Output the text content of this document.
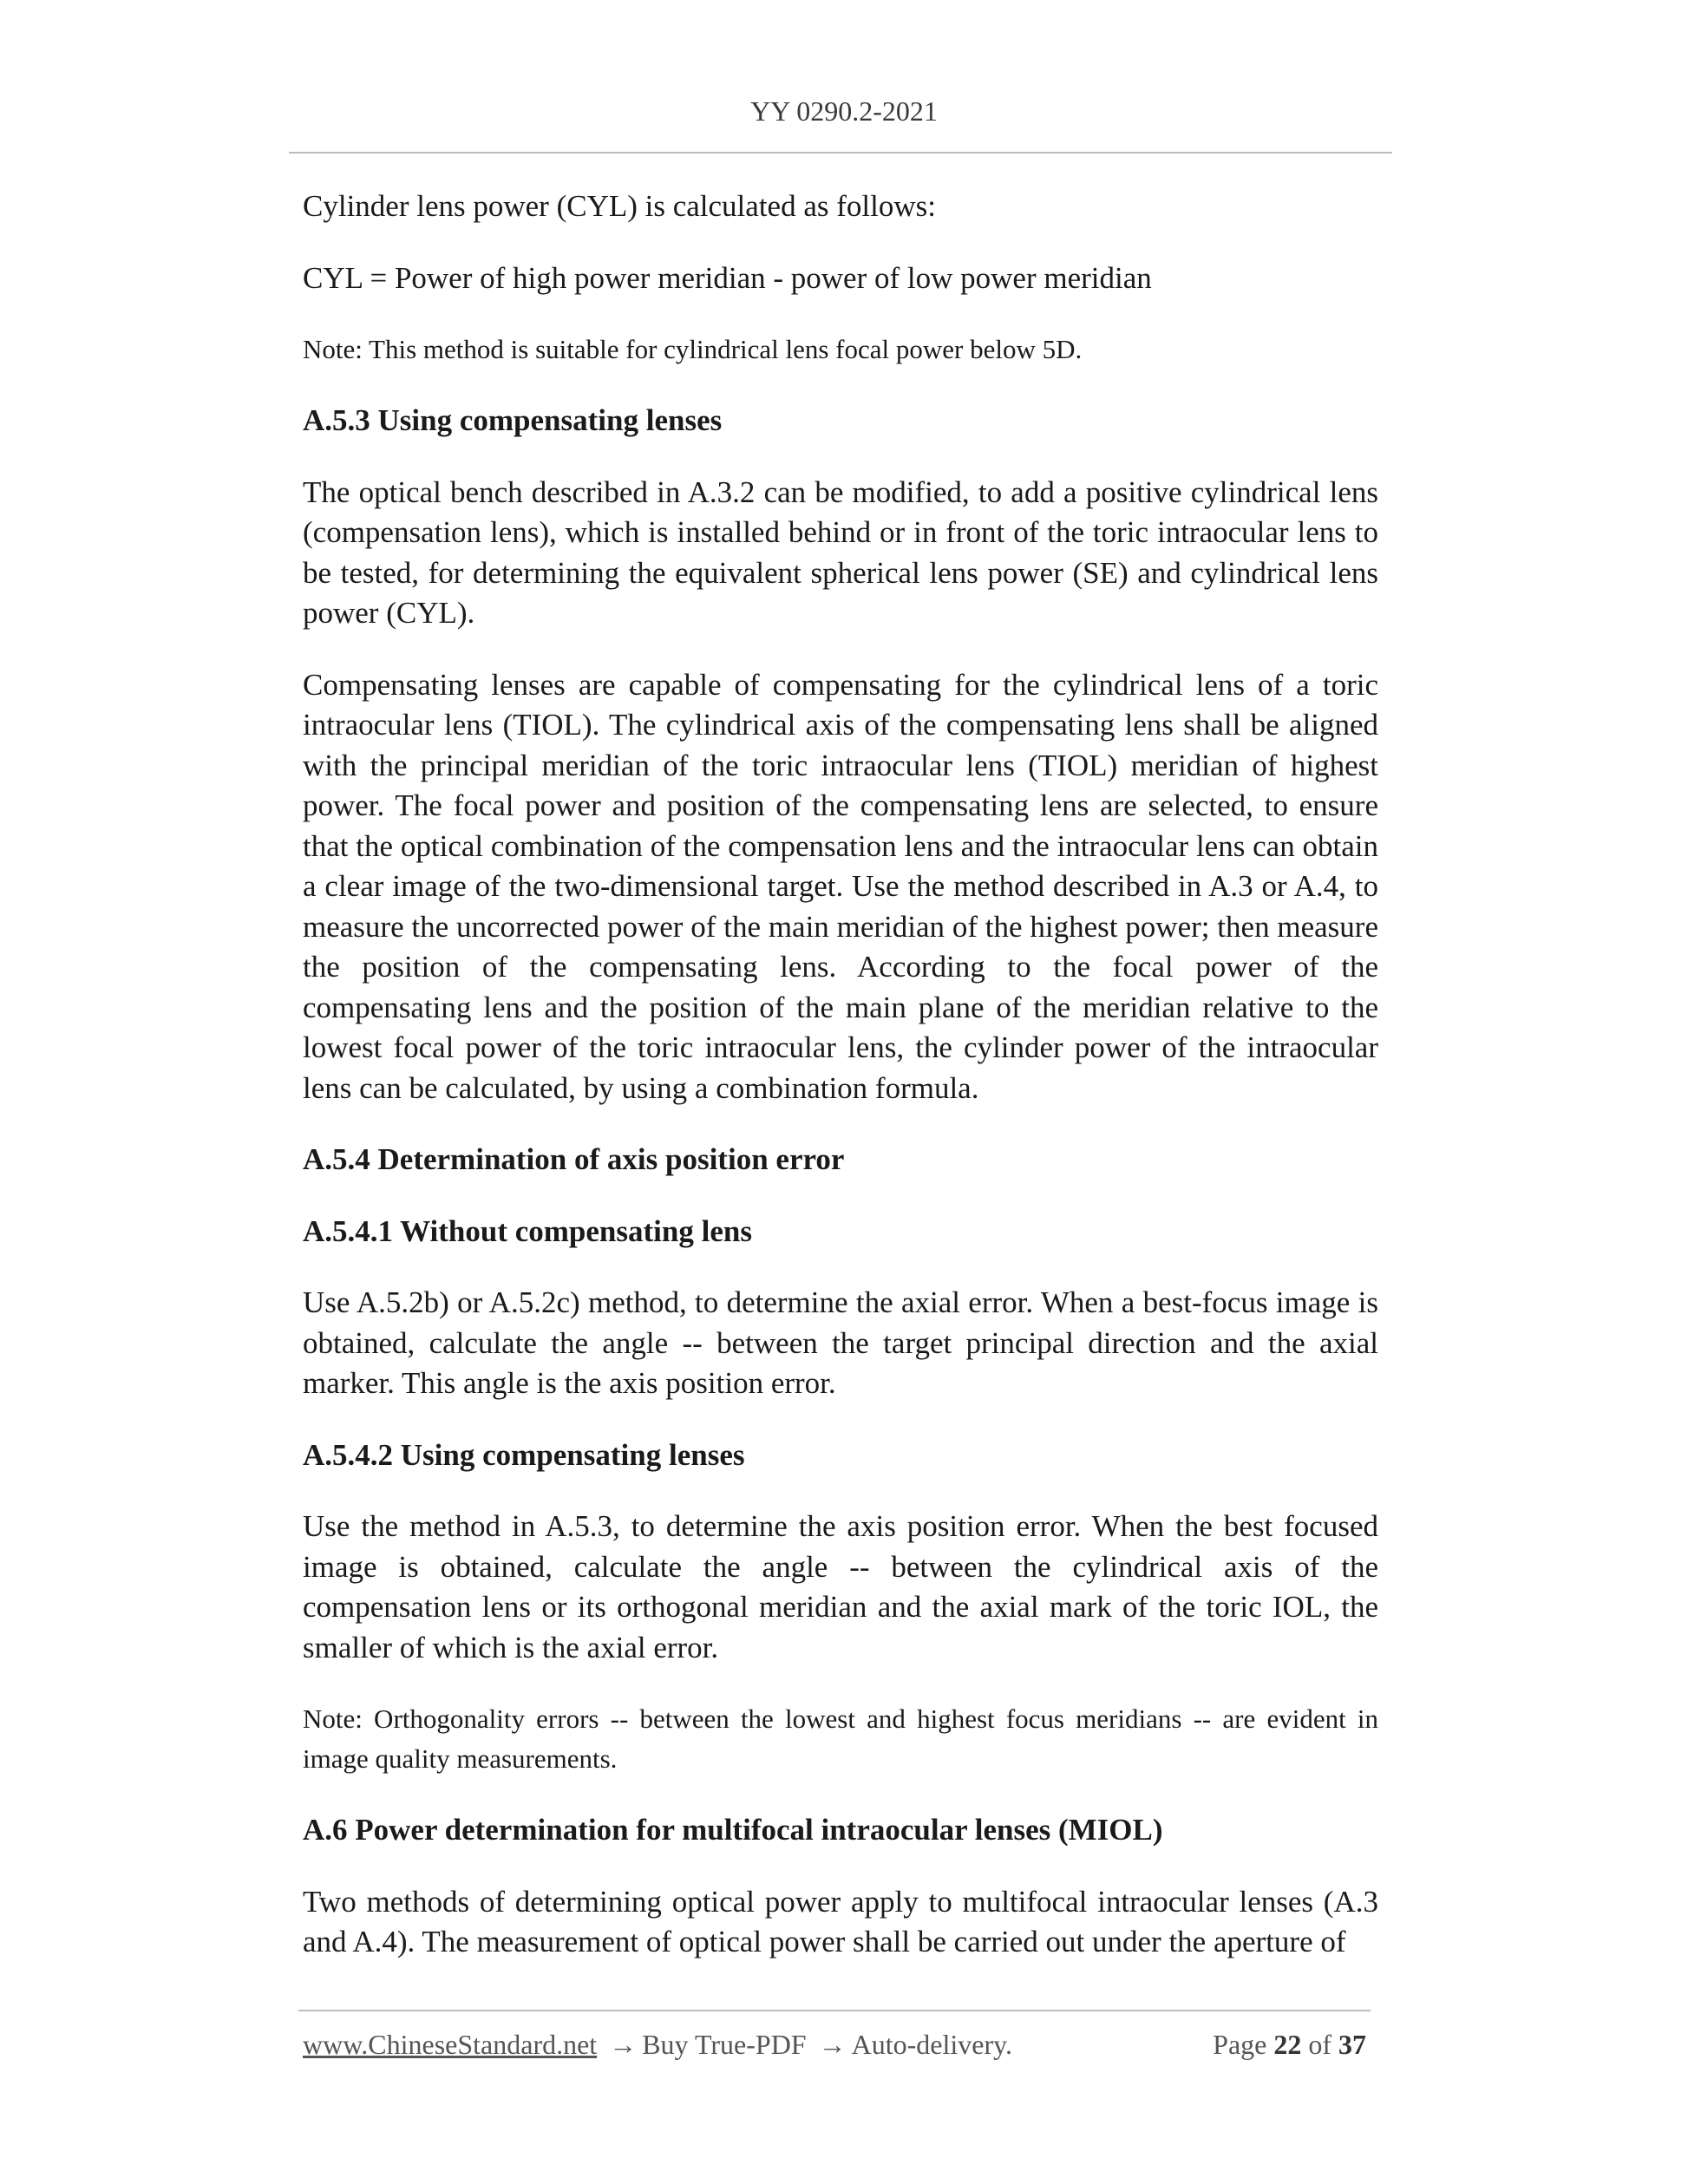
YY 0290.2-2021

Cylinder lens power (CYL) is calculated as follows:

CYL = Power of high power meridian - power of low power meridian

Note: This method is suitable for cylindrical lens focal power below 5D.

A.5.3 Using compensating lenses

The optical bench described in A.3.2 can be modified, to add a positive cylindrical lens (compensation lens), which is installed behind or in front of the toric intraocular lens to be tested, for determining the equivalent spherical lens power (SE) and cylindrical lens power (CYL).

Compensating lenses are capable of compensating for the cylindrical lens of a toric intraocular lens (TIOL). The cylindrical axis of the compensating lens shall be aligned with the principal meridian of the toric intraocular lens (TIOL) meridian of highest power. The focal power and position of the compensating lens are selected, to ensure that the optical combination of the compensation lens and the intraocular lens can obtain a clear image of the two-dimensional target. Use the method described in A.3 or A.4, to measure the uncorrected power of the main meridian of the highest power; then measure the position of the compensating lens. According to the focal power of the compensating lens and the position of the main plane of the meridian relative to the lowest focal power of the toric intraocular lens, the cylinder power of the intraocular lens can be calculated, by using a combination formula.

A.5.4 Determination of axis position error

A.5.4.1 Without compensating lens

Use A.5.2b) or A.5.2c) method, to determine the axial error. When a best-focus image is obtained, calculate the angle -- between the target principal direction and the axial marker. This angle is the axis position error.

A.5.4.2 Using compensating lenses

Use the method in A.5.3, to determine the axis position error. When the best focused image is obtained, calculate the angle -- between the cylindrical axis of the compensation lens or its orthogonal meridian and the axial mark of the toric IOL, the smaller of which is the axial error.

Note: Orthogonality errors -- between the lowest and highest focus meridians -- are evident in image quality measurements.

A.6 Power determination for multifocal intraocular lenses (MIOL)

Two methods of determining optical power apply to multifocal intraocular lenses (A.3 and A.4). The measurement of optical power shall be carried out under the aperture of

www.ChineseStandard.net → Buy True-PDF → Auto-delivery.	Page 22 of 37
